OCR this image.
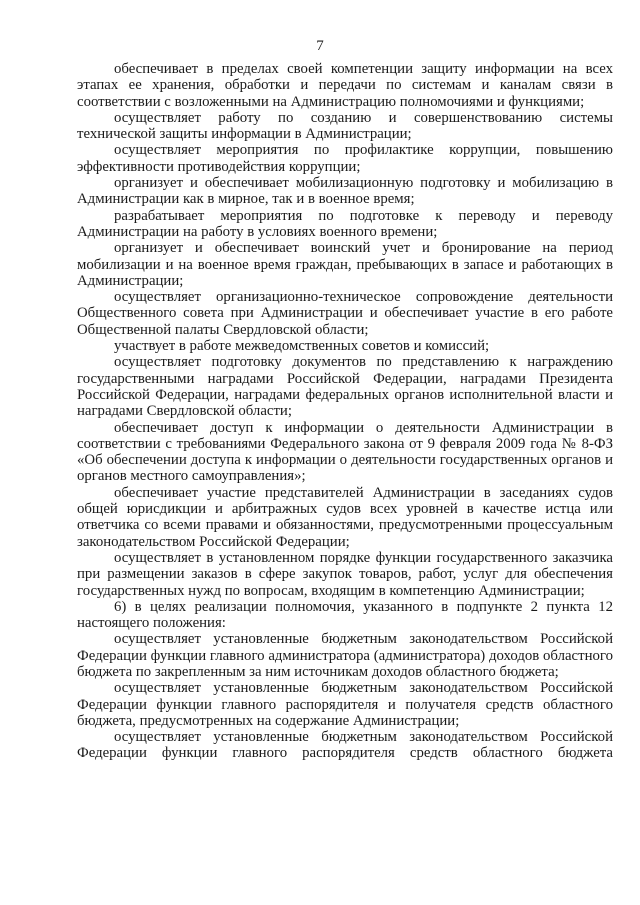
7

обеспечивает в пределах своей компетенции защиту информации на всех этапах ее хранения, обработки и передачи по системам и каналам связи в соответствии с возложенными на Администрацию полномочиями и функциями;

осуществляет работу по созданию и совершенствованию системы технической защиты информации в Администрации;

осуществляет мероприятия по профилактике коррупции, повышению эффективности противодействия коррупции;

организует и обеспечивает мобилизационную подготовку и мобилизацию в Администрации как в мирное, так и в военное время;

разрабатывает мероприятия по подготовке к переводу и переводу Администрации на работу в условиях военного времени;

организует и обеспечивает воинский учет и бронирование на период мобилизации и на военное время граждан, пребывающих в запасе и работающих в Администрации;

осуществляет организационно-техническое сопровождение деятельности Общественного совета при Администрации и обеспечивает участие в его работе Общественной палаты Свердловской области;

участвует в работе межведомственных советов и комиссий;

осуществляет подготовку документов по представлению к награждению государственными наградами Российской Федерации, наградами Президента Российской Федерации, наградами федеральных органов исполнительной власти и наградами Свердловской области;

обеспечивает доступ к информации о деятельности Администрации в соответствии с требованиями Федерального закона от 9 февраля 2009 года № 8-ФЗ «Об обеспечении доступа к информации о деятельности государственных органов и органов местного самоуправления»;

обеспечивает участие представителей Администрации в заседаниях судов общей юрисдикции и арбитражных судов всех уровней в качестве истца или ответчика со всеми правами и обязанностями, предусмотренными процессуальным законодательством Российской Федерации;

осуществляет в установленном порядке функции государственного заказчика при размещении заказов в сфере закупок товаров, работ, услуг для обеспечения государственных нужд по вопросам, входящим в компетенцию Администрации;

6) в целях реализации полномочия, указанного в подпункте 2 пункта 12 настоящего положения:

осуществляет установленные бюджетным законодательством Российской Федерации функции главного администратора (администратора) доходов областного бюджета по закрепленным за ним источникам доходов областного бюджета;

осуществляет установленные бюджетным законодательством Российской Федерации функции главного распорядителя и получателя средств областного бюджета, предусмотренных на содержание Администрации;

осуществляет установленные бюджетным законодательством Российской Федерации функции главного распорядителя средств областного бюджета
